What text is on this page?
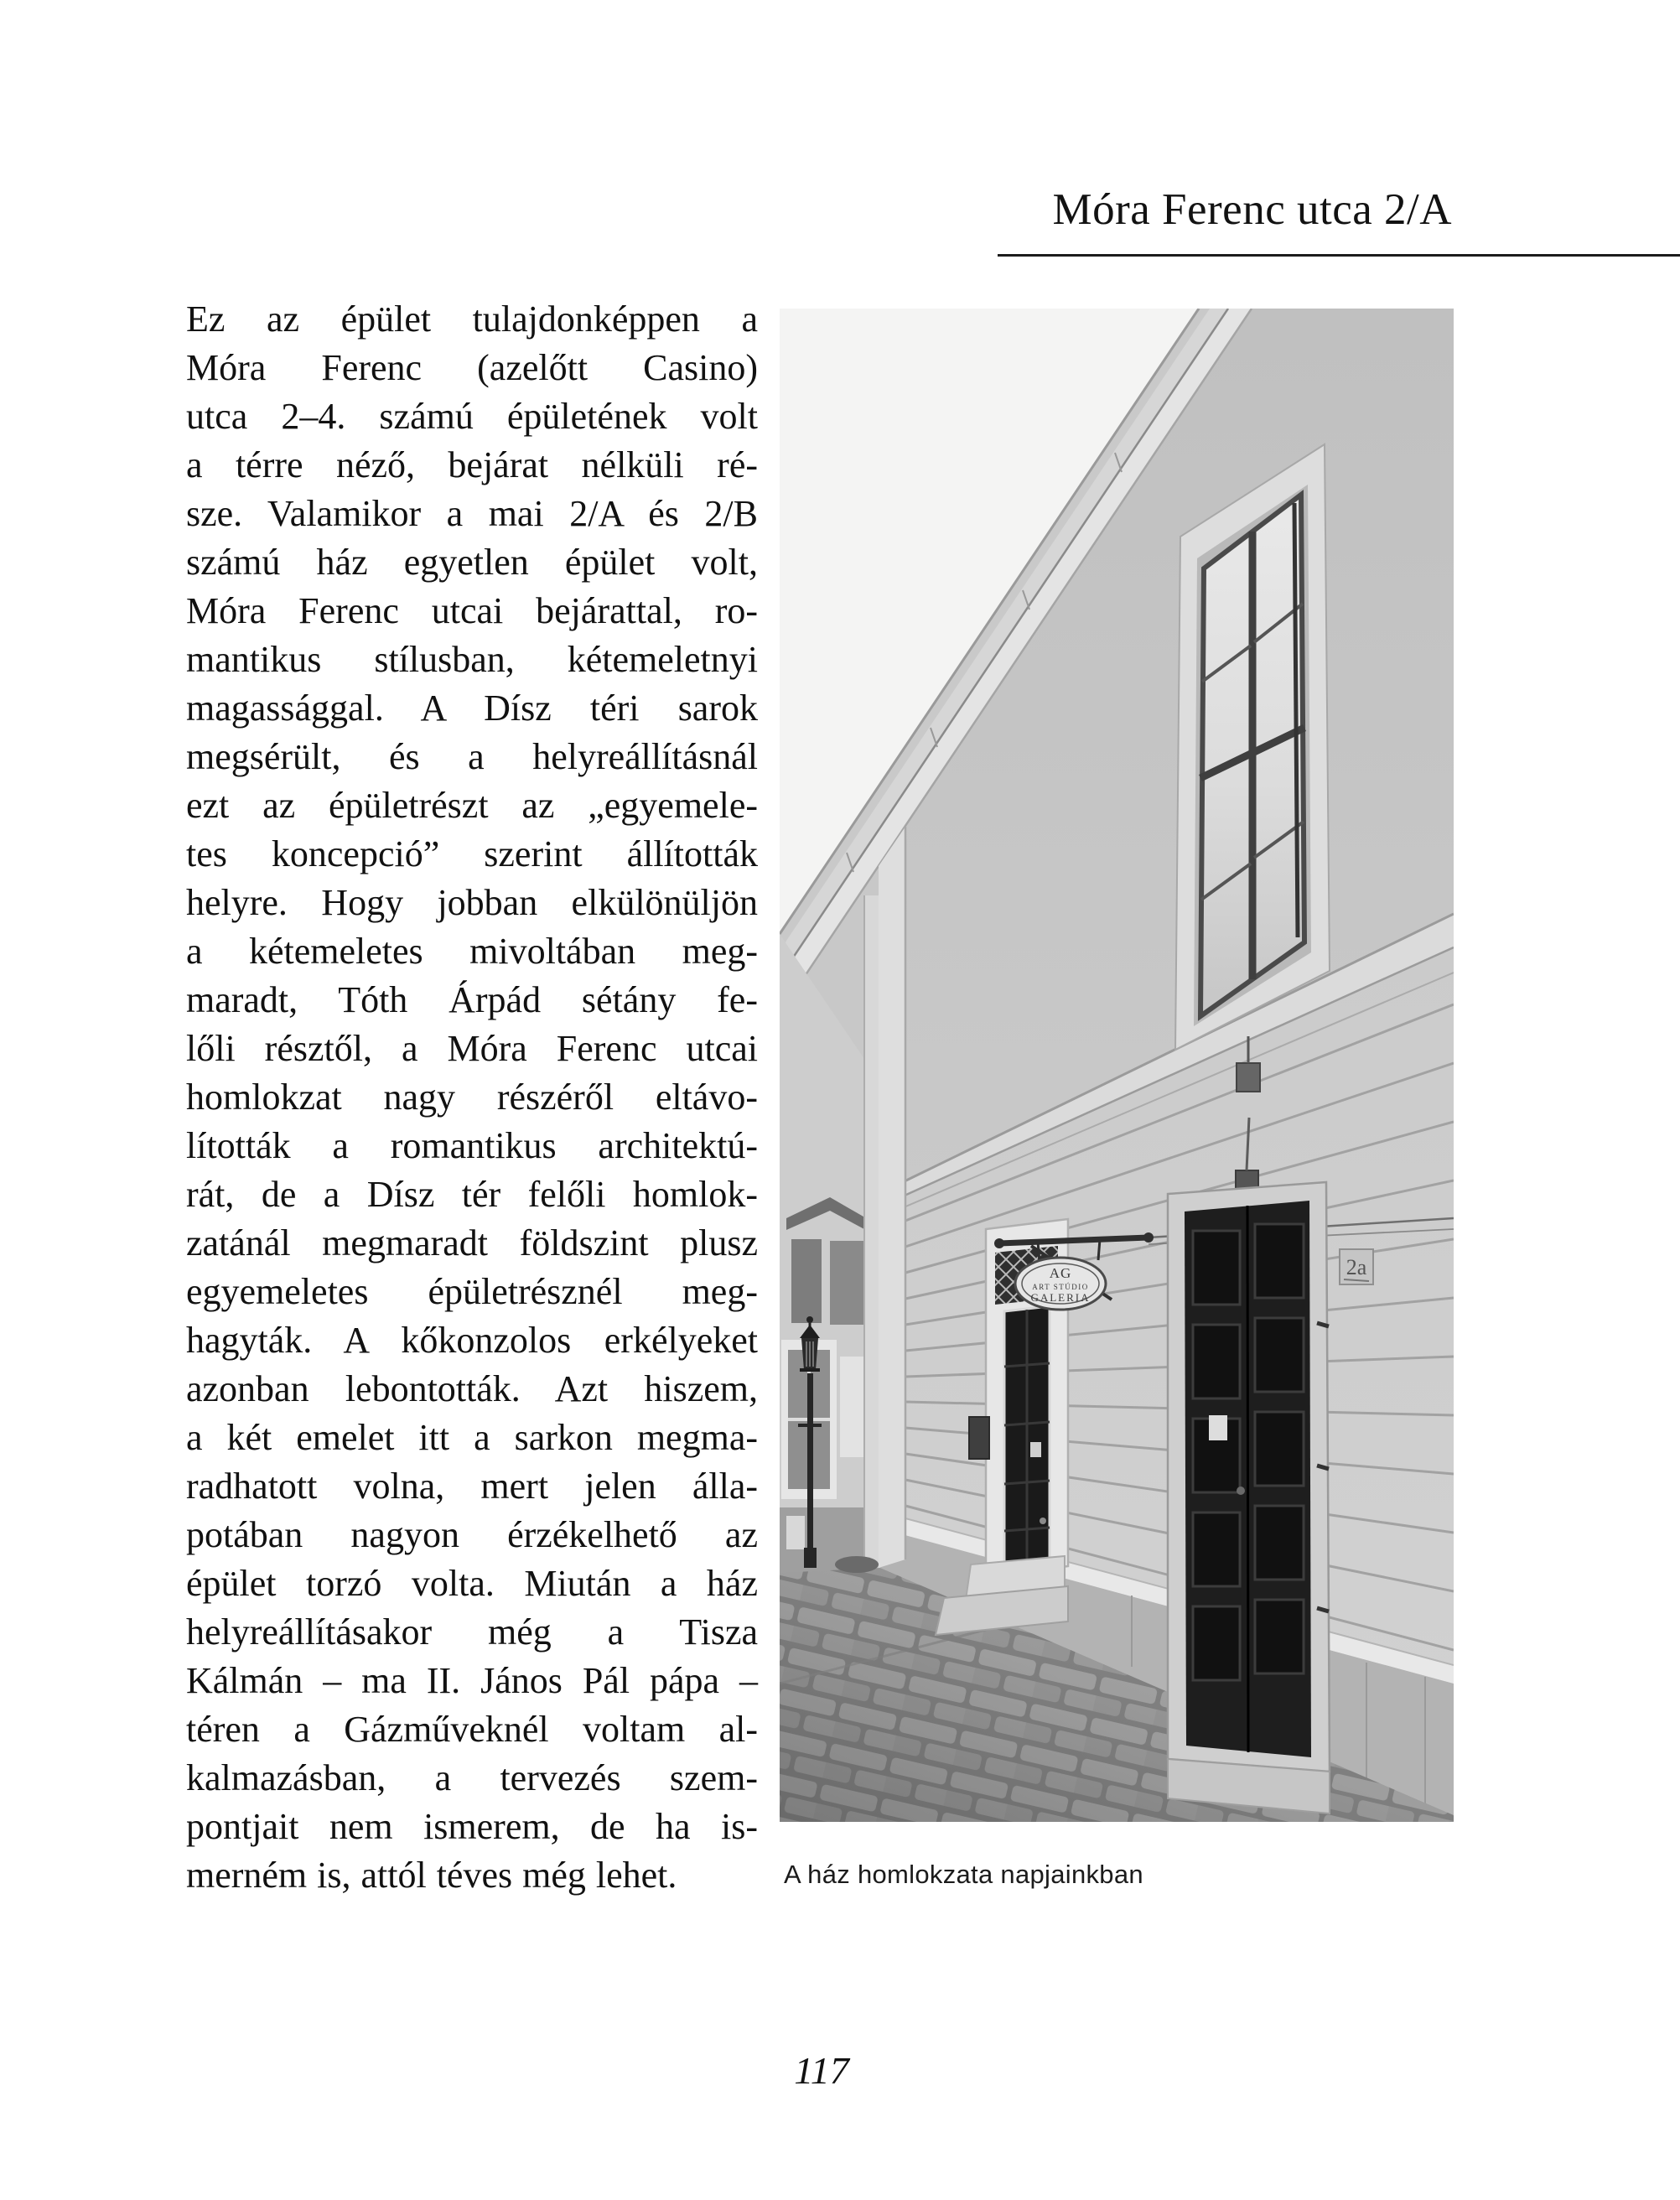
Móra Ferenc utca 2/A
Ez az épület tulajdonképpen a
Móra Ferenc (azelőtt Casino)
utca 2–4. számú épületének volt
a térre néző, bejárat nélküli ré-
sze. Valamikor a mai 2/A és 2/B
számú ház egyetlen épület volt,
Móra Ferenc utcai bejárattal, ro-
mantikus stílusban, kétemeletnyi
magassággal. A Dísz téri sarok
megsérült, és a helyreállításnál
ezt az épületrészt az „egyemele-
tes koncepció” szerint állították
helyre. Hogy jobban elkülönüljön
a kétemeletes mivoltában meg-
maradt, Tóth Árpád sétány fe-
lőli résztől, a Móra Ferenc utcai
homlokzat nagy részéről eltávo-
lították a romantikus architektú-
rát, de a Dísz tér felőli homlok-
zatánál megmaradt földszint plusz
egyemeletes épületrésznél meg-
hagyták. A kőkonzolos erkélyeket
azonban lebontották. Azt hiszem,
a két emelet itt a sarkon megma-
radhatott volna, mert jelen álla-
potában nagyon érzékelhető az
épület torzó volta. Miután a ház
helyreállításakor még a Tisza
Kálmán – ma II. János Pál pápa –
téren a Gázműveknél voltam al-
kalmazásban, a tervezés szem-
pontjait nem ismerem, de ha is-
merném is, attól téves még lehet.
AG
ART STÚDIO
GALERIA
2a
A ház homlokzata napjainkban
117
